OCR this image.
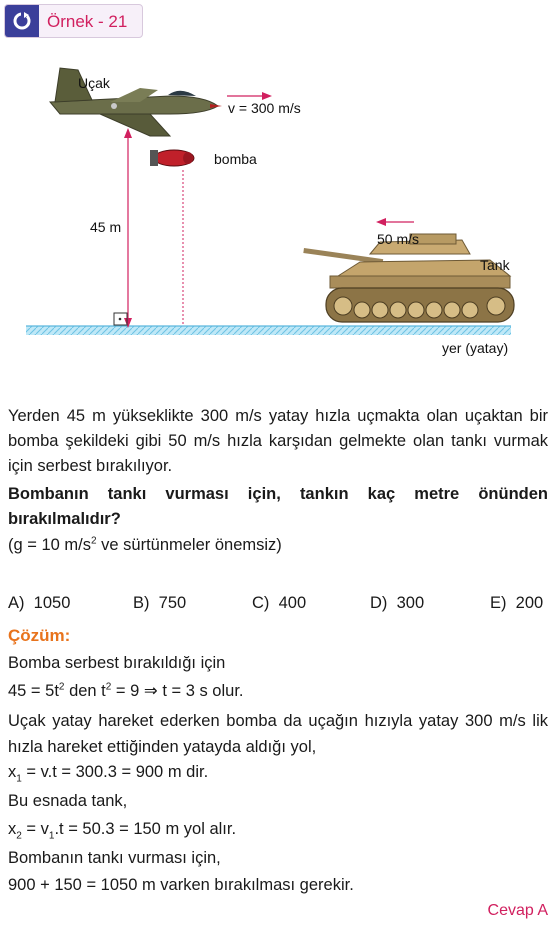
Örnek - 21
Uçak
v = 300 m/s
bomba
45 m
50 m/s
Tank
yer (yatay)
Yerden 45 m yükseklikte 300 m/s yatay hızla uçmakta olan uçaktan bir bomba şekildeki gibi 50 m/s hızla karşıdan gelmekte olan tankı vurmak için serbest bırakılıyor.
Bombanın tankı vurması için, tankın kaç metre önünden bırakılmalıdır?
(g = 10 $m/s^2$ ve sürtünmeler önemsiz)
A) 1050	B) 750	C) 400	D) 300	E) 200
Çözüm:
Bomba serbest bırakıldığı için
$45 = 5t^2$ den $t^2 = 9$ ⇒ t = 3 s olur.
Uçak yatay hareket ederken bomba da uçağın hızıyla yatay 300 m/s lik hızla hareket ettiğinden yatayda aldığı yol,
$x_1 = v.t = 300.3 = 900$ m dir.
Bu esnada tank,
$x_2 = v_1.t = 50.3 = 150$ m yol alır.
Bombanın tankı vurması için,
900 + 150 = 1050 m varken bırakılması gerekir.
Cevap A
